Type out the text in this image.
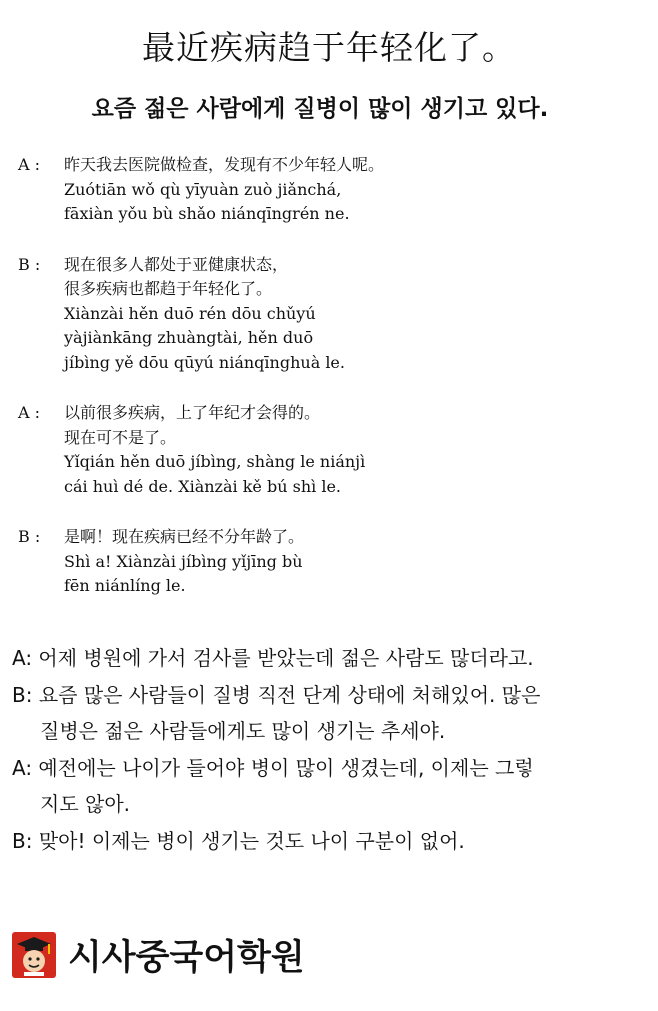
最近疾病趋于年轻化了。
요즘 젊은 사람에게 질병이 많이 생기고 있다.
A :	昨天我去医院做检查，发现有不少年轻人呢。
Zuótiān wǒ qù yīyuàn zuò jiǎnchá,
fāxiàn yǒu bù shǎo niánqīngrén ne.
B :	现在很多人都处于亚健康状态，
很多疾病也都趋于年轻化了。
Xiànzài hěn duō rén dōu chǔyú
yàjiànkāng zhuàngtài, hěn duō
jíbìng yě dōu qūyú niánqīnghuà le.
A :	以前很多疾病，上了年纪才会得的。
现在可不是了。
Yǐqián hěn duō jíbìng, shàng le niánjì
cái huì dé de. Xiànzài kě bú shì le.
B :	是啊！现在疾病已经不分年龄了。
Shì a! Xiànzài jíbìng yǐjīng bù
fēn niánlíng le.
A: 어제 병원에 가서 검사를 받았는데 젊은 사람도 많더라고.
B: 요즘 많은 사람들이 질병 직전 단계 상태에 처해있어. 많은
질병은 젊은 사람들에게도 많이 생기는 추세야.
A: 예전에는 나이가 들어야 병이 많이 생겼는데, 이제는 그렇
지도 않아.
B: 맞아! 이제는 병이 생기는 것도 나이 구분이 없어.
시사중국어학원
